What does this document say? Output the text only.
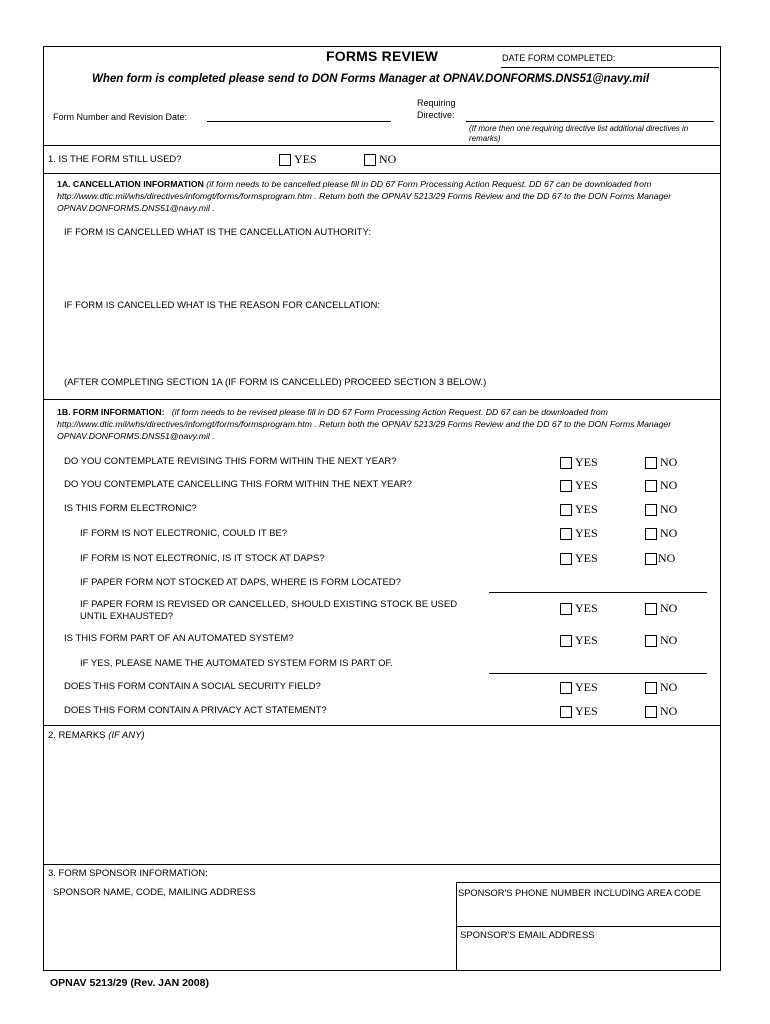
FORMS REVIEW	DATE FORM COMPLETED:
When form is completed please send to DON Forms Manager at OPNAV.DONFORMS.DNS51@navy.mil
Requiring
Directive:
Form Number and Revision Date:
(If more then one requiring directive list additional directives in remarks)
1. IS THE FORM STILL USED?	YES	NO
1A. CANCELLATION INFORMATION (if form needs to be cancelled please fill in DD 67 Form Processing Action Request. DD 67 can be downloaded from http://www.dtic.mil/whs/directives/infomgt/forms/formsprogram.htm . Return both the OPNAV 5213/29 Forms Review and the DD 67 to the DON Forms Manager OPNAV.DONFORMS.DNS51@navy.mil .
IF FORM IS CANCELLED WHAT IS THE CANCELLATION AUTHORITY:
IF FORM IS CANCELLED WHAT IS THE REASON FOR CANCELLATION:
(AFTER COMPLETING SECTION 1A (IF FORM IS CANCELLED) PROCEED SECTION 3 BELOW.)
1B. FORM INFORMATION: (if form needs to be revised please fill in DD 67 Form Processing Action Request. DD 67 can be downloaded from http://www.dtic.mil/whs/directives/infomgt/forms/formsprogram.htm . Return both the OPNAV 5213/29 Forms Review and the DD 67 to the DON Forms Manager OPNAV.DONFORMS.DNS51@navy.mil .
DO YOU CONTEMPLATE REVISING THIS FORM WITHIN THE NEXT YEAR?	YES	NO
DO YOU CONTEMPLATE CANCELLING THIS FORM WITHIN THE NEXT YEAR?	YES	NO
IS THIS FORM ELECTRONIC?	YES	NO
IF FORM IS NOT ELECTRONIC, COULD IT BE?	YES	NO
IF FORM IS NOT ELECTRONIC, IS IT STOCK AT DAPS?	YES	NO
IF PAPER FORM NOT STOCKED AT DAPS, WHERE IS FORM LOCATED?
IF PAPER FORM IS REVISED OR CANCELLED, SHOULD EXISTING STOCK BE USED
UNTIL EXHAUSTED?
YES	NO
IS THIS FORM PART OF AN AUTOMATED SYSTEM?	YES	NO
IF YES, PLEASE NAME THE AUTOMATED SYSTEM FORM IS PART OF.
DOES THIS FORM CONTAIN A SOCIAL SECURITY FIELD?	YES	NO
DOES THIS FORM CONTAIN A PRIVACY ACT STATEMENT?	YES	NO
2. REMARKS (IF ANY)
3. FORM SPONSOR INFORMATION:
SPONSOR NAME, CODE, MAILING ADDRESS	SPONSOR'S PHONE NUMBER INCLUDING AREA CODE
SPONSOR'S EMAIL ADDRESS
OPNAV 5213/29 (Rev. JAN 2008)
